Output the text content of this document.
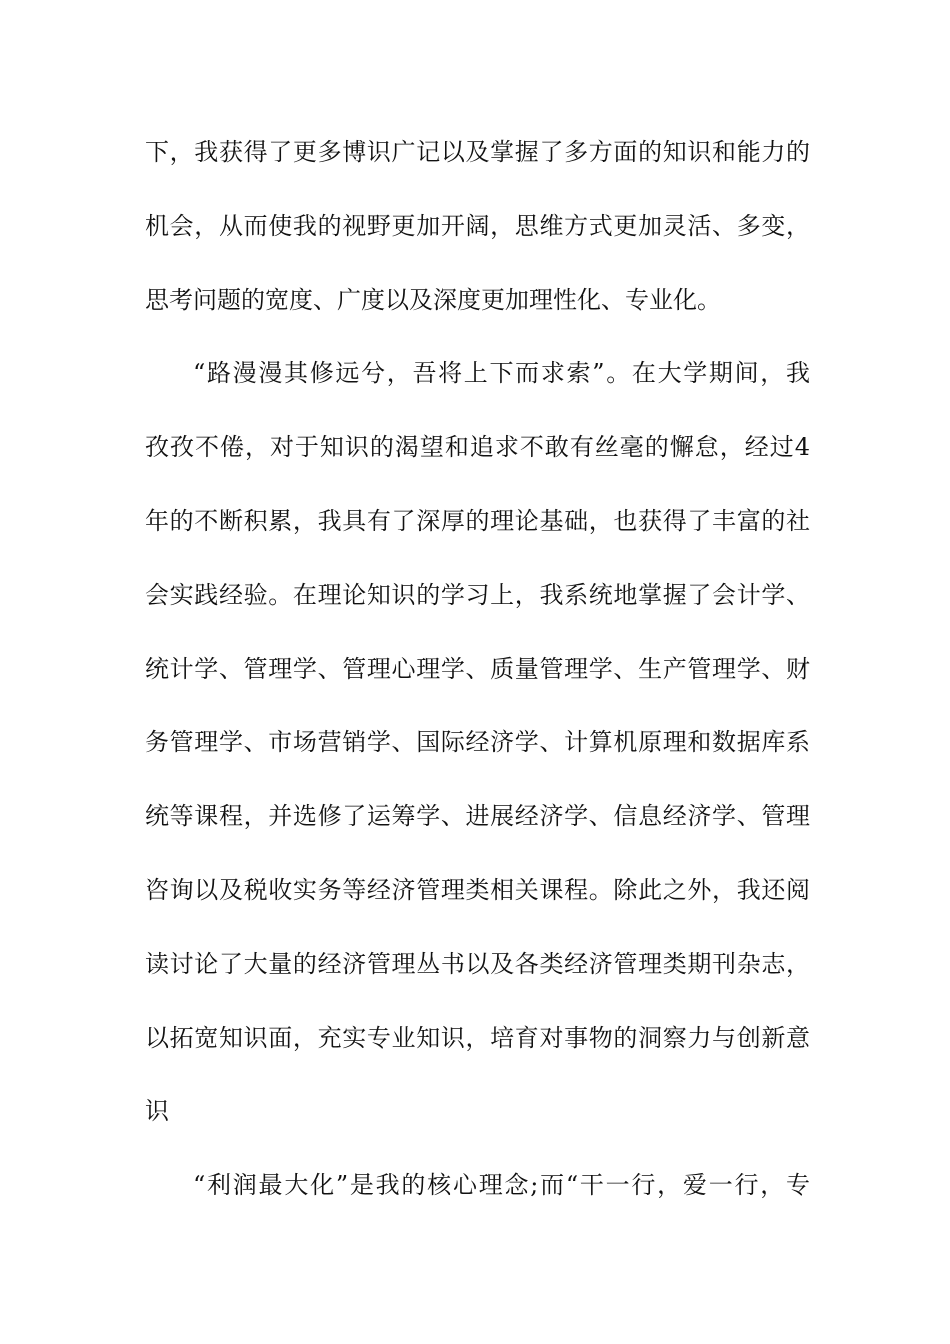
下，我获得了更多博识广记以及掌握了多方面的知识和能力的
机会，从而使我的视野更加开阔，思维方式更加灵活、多变，
思考问题的宽度、广度以及深度更加理性化、专业化。
“路漫漫其修远兮，吾将上下而求索”。在大学期间，我
孜孜不倦，对于知识的渴望和追求不敢有丝毫的懈怠，经过4
年的不断积累，我具有了深厚的理论基础，也获得了丰富的社
会实践经验。在理论知识的学习上，我系统地掌握了会计学、
统计学、管理学、管理心理学、质量管理学、生产管理学、财
务管理学、市场营销学、国际经济学、计算机原理和数据库系
统等课程，并选修了运筹学、进展经济学、信息经济学、管理
咨询以及税收实务等经济管理类相关课程。除此之外，我还阅
读讨论了大量的经济管理丛书以及各类经济管理类期刊杂志，
以拓宽知识面，充实专业知识，培育对事物的洞察力与创新意
识
“利润最大化”是我的核心理念;而“干一行，爱一行，专
